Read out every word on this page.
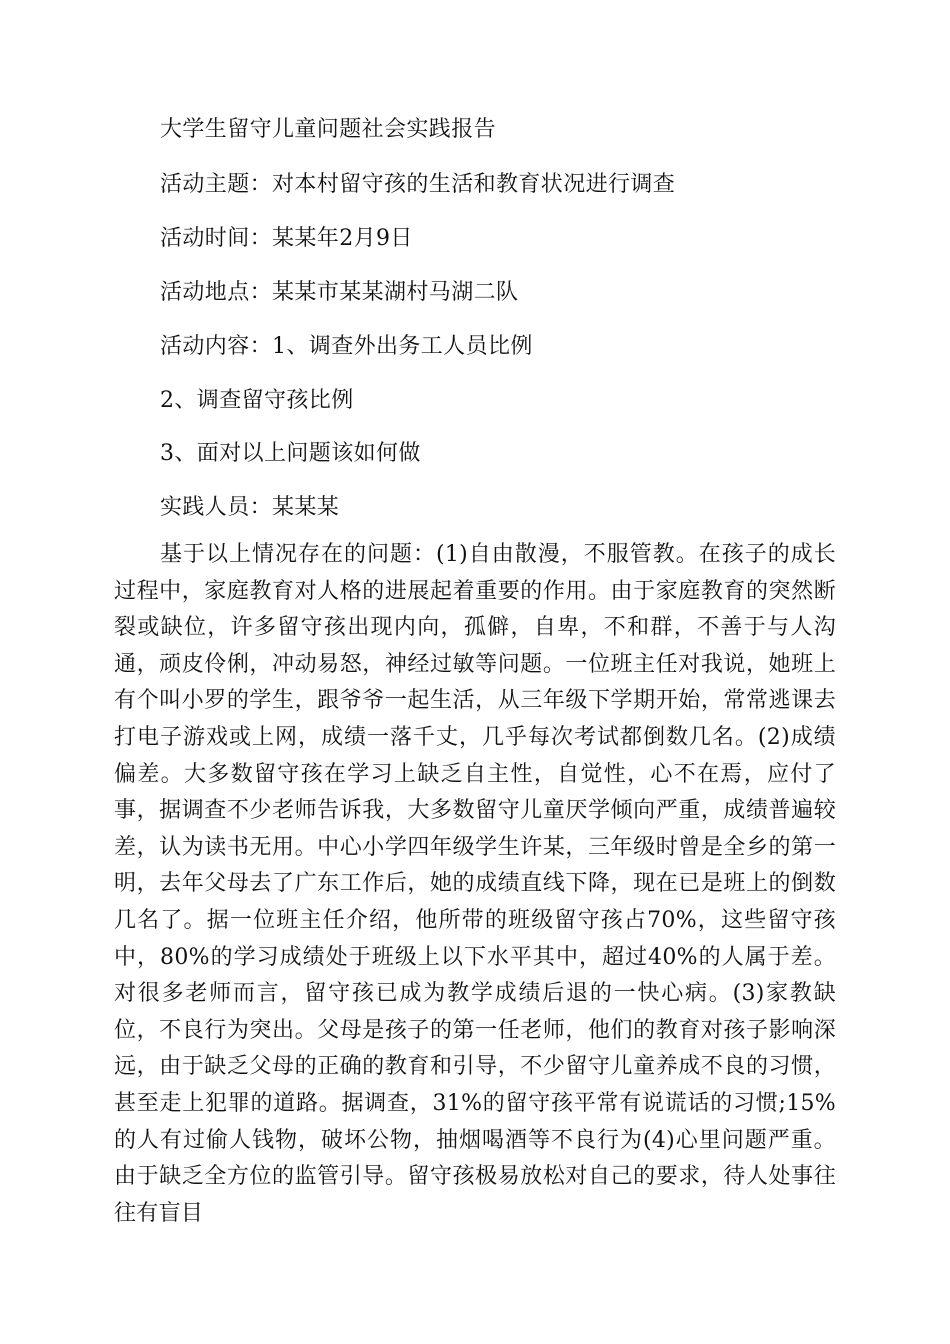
大学生留守儿童问题社会实践报告
活动主题：对本村留守孩的生活和教育状况进行调查
活动时间：某某年2月9日
活动地点：某某市某某湖村马湖二队
活动内容：1、调查外出务工人员比例
2、调查留守孩比例
3、面对以上问题该如何做
实践人员：某某某

基于以上情况存在的问题：(1)自由散漫，不服管教。在孩子的成长过程中，家庭教育对人格的进展起着重要的作用。由于家庭教育的突然断裂或缺位，许多留守孩出现内向，孤僻，自卑，不和群，不善于与人沟通，顽皮伶俐，冲动易怒，神经过敏等问题。一位班主任对我说，她班上有个叫小罗的学生，跟爷爷一起生活，从三年级下学期开始，常常逃课去打电子游戏或上网，成绩一落千丈，几乎每次考试都倒数几名。(2)成绩偏差。大多数留守孩在学习上缺乏自主性，自觉性，心不在焉，应付了事，据调查不少老师告诉我，大多数留守儿童厌学倾向严重，成绩普遍较差，认为读书无用。中心小学四年级学生许某，三年级时曾是全乡的第一明，去年父母去了广东工作后，她的成绩直线下降，现在已是班上的倒数几名了。据一位班主任介绍，他所带的班级留守孩占70%，这些留守孩中，80%的学习成绩处于班级上以下水平其中，超过40%的人属于差。对很多老师而言，留守孩已成为教学成绩后退的一快心病。(3)家教缺位，不良行为突出。父母是孩子的第一任老师，他们的教育对孩子影响深远，由于缺乏父母的正确的教育和引导，不少留守儿童养成不良的习惯，甚至走上犯罪的道路。据调查，31%的留守孩平常有说谎话的习惯;15%的人有过偷人钱物，破坏公物，抽烟喝酒等不良行为(4)心里问题严重。由于缺乏全方位的监管引导。留守孩极易放松对自己的要求，待人处事往往有盲目
